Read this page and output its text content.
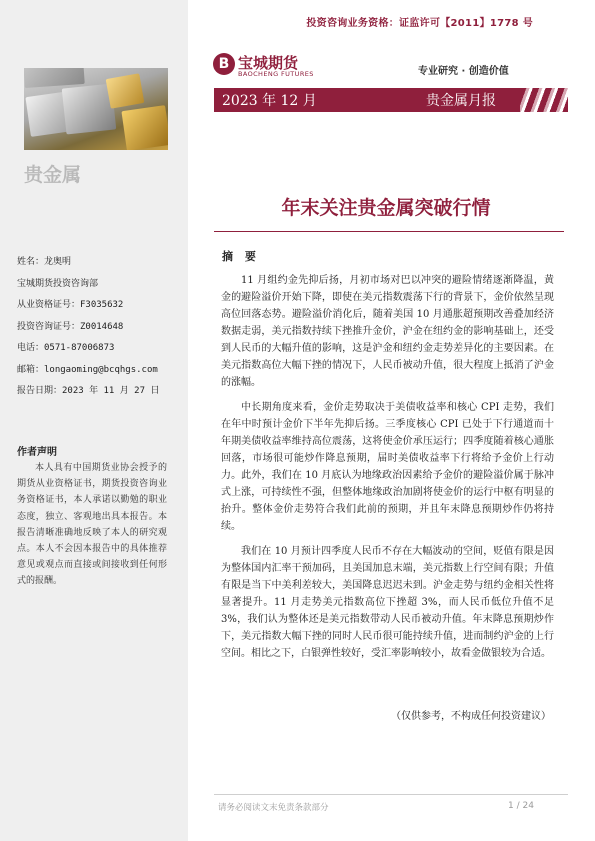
投资咨询业务资格：证监许可【2011】1778 号
贵金属
B 宝城期货
BAOCHENG FUTURES	专业研究 · 创造价值
2023 年 12 月	贵金属月报
年末关注贵金属突破行情
摘 要

11 月组约金先抑后扬，月初市场对巴以冲突的避险情绪逐渐降温，黄金的避险溢价开始下降，即使在美元指数震荡下行的背景下，金价依然呈现高位回落态势。避险溢价消化后，随着美国 10 月通胀超预期改善叠加经济数据走弱，美元指数持续下挫推升金价，沪金在纽约金的影响基础上，还受到人民币的大幅升值的影响，这是沪金和纽约金走势差异化的主要因素。在美元指数高位大幅下挫的情况下，人民币被动升值，很大程度上抵消了沪金的涨幅。

中长期角度来看，金价走势取决于美债收益率和核心 CPI 走势，我们在年中时预计金价下半年先抑后扬。三季度核心 CPI 已处于下行通道而十年期美债收益率维持高位震荡，这将使金价承压运行；四季度随着核心通胀回落，市场很可能炒作降息预期，届时美债收益率下行将给予金价上行动力。此外，我们在 10 月底认为地缘政治因素给予金价的避险溢价属于脉冲式上涨，可持续性不强，但整体地缘政治加剧将使金价的运行中枢有明显的抬升。整体金价走势符合我们此前的预期，并且年末降息预期炒作仍将持续。

我们在 10 月预计四季度人民币不存在大幅波动的空间，贬值有限是因为整体国内汇率干预加码，且美国加息末端，美元指数上行空间有限；升值有限是当下中美利差较大，美国降息迟迟未到。沪金走势与纽约金相关性将显著提升。11 月走势美元指数高位下挫超 3%，而人民币低位升值不足 3%，我们认为整体还是美元指数带动人民币被动升值。年末降息预期炒作下，美元指数大幅下挫的同时人民币很可能持续升值，进而制约沪金的上行空间。相比之下，白银弹性较好，受汇率影响较小，故看金做银较为合适。

（仅供参考，不构成任何投资建议）
姓名：龙奥明
宝城期货投资咨询部
从业资格证号：F3035632
投资咨询证号：Z0014648
电话：0571-87006873
邮箱：longaoming@bcqhgs.com
报告日期：2023 年 11 月 27 日
作者声明
本人具有中国期货业协会授予的期货从业资格证书，期货投资咨询业务资格证书，本人承诺以勤勉的职业态度，独立、客观地出具本报告。本报告清晰准确地反映了本人的研究观点。本人不会因本报告中的具体推荐意见或观点而直接或间接收到任何形式的报酬。
请务必阅读文末免责条款部分	1 / 24
